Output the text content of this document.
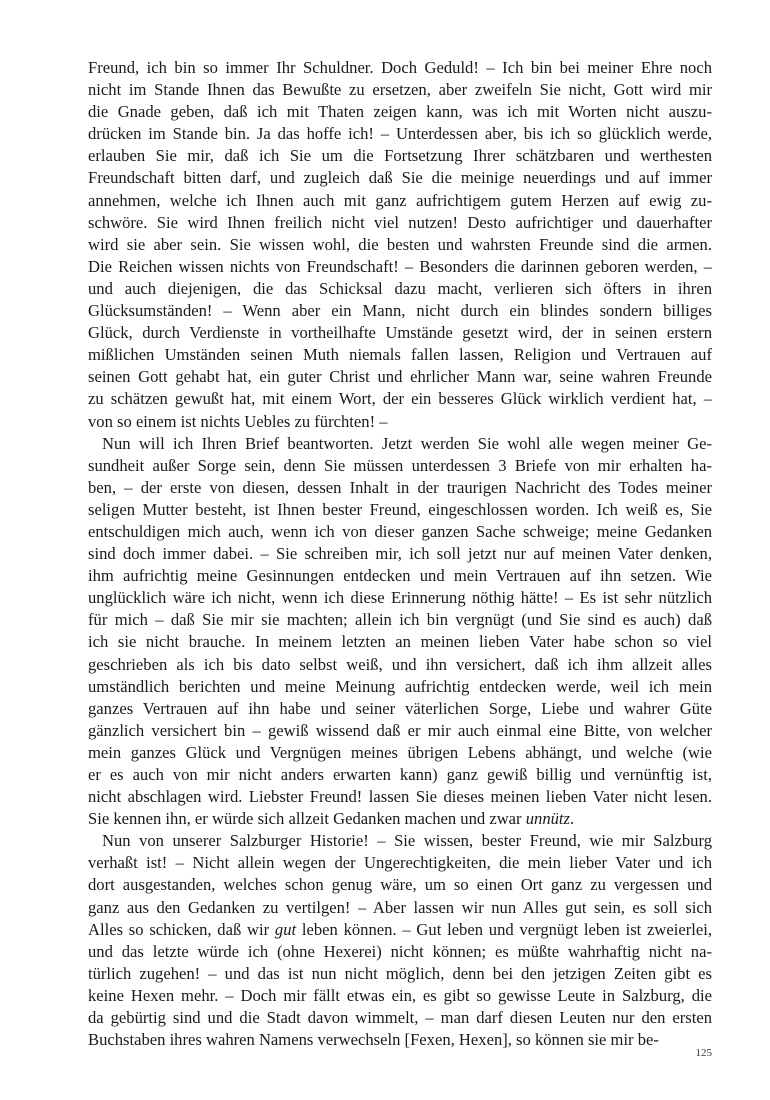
Freund, ich bin so immer Ihr Schuldner. Doch Geduld! – Ich bin bei meiner Ehre noch
nicht im Stande Ihnen das Bewußte zu ersetzen, aber zweifeln Sie nicht, Gott wird mir
die Gnade geben, daß ich mit Thaten zeigen kann, was ich mit Worten nicht auszu-
drücken im Stande bin. Ja das hoffe ich! – Unterdessen aber, bis ich so glücklich werde,
erlauben Sie mir, daß ich Sie um die Fortsetzung Ihrer schätzbaren und werthesten
Freundschaft bitten darf, und zugleich daß Sie die meinige neuerdings und auf immer
annehmen, welche ich Ihnen auch mit ganz aufrichtigem gutem Herzen auf ewig zu-
schwöre. Sie wird Ihnen freilich nicht viel nutzen! Desto aufrichtiger und dauerhafter
wird sie aber sein. Sie wissen wohl, die besten und wahrsten Freunde sind die armen.
Die Reichen wissen nichts von Freundschaft! – Besonders die darinnen geboren werden, –
und auch diejenigen, die das Schicksal dazu macht, verlieren sich öfters in ihren
Glücksumständen! – Wenn aber ein Mann, nicht durch ein blindes sondern billiges
Glück, durch Verdienste in vortheilhafte Umstände gesetzt wird, der in seinen erstern
mißlichen Umständen seinen Muth niemals fallen lassen, Religion und Vertrauen auf
seinen Gott gehabt hat, ein guter Christ und ehrlicher Mann war, seine wahren Freunde
zu schätzen gewußt hat, mit einem Wort, der ein besseres Glück wirklich verdient hat, –
von so einem ist nichts Uebles zu fürchten! –
Nun will ich Ihren Brief beantworten. Jetzt werden Sie wohl alle wegen meiner Ge-
sundheit außer Sorge sein, denn Sie müssen unterdessen 3 Briefe von mir erhalten ha-
ben, – der erste von diesen, dessen Inhalt in der traurigen Nachricht des Todes meiner
seligen Mutter besteht, ist Ihnen bester Freund, eingeschlossen worden. Ich weiß es, Sie
entschuldigen mich auch, wenn ich von dieser ganzen Sache schweige; meine Gedanken
sind doch immer dabei. – Sie schreiben mir, ich soll jetzt nur auf meinen Vater denken,
ihm aufrichtig meine Gesinnungen entdecken und mein Vertrauen auf ihn setzen. Wie
unglücklich wäre ich nicht, wenn ich diese Erinnerung nöthig hätte! – Es ist sehr nützlich
für mich – daß Sie mir sie machten; allein ich bin vergnügt (und Sie sind es auch) daß
ich sie nicht brauche. In meinem letzten an meinen lieben Vater habe schon so viel
geschrieben als ich bis dato selbst weiß, und ihn versichert, daß ich ihm allzeit alles
umständlich berichten und meine Meinung aufrichtig entdecken werde, weil ich mein
ganzes Vertrauen auf ihn habe und seiner väterlichen Sorge, Liebe und wahrer Güte
gänzlich versichert bin – gewiß wissend daß er mir auch einmal eine Bitte, von welcher
mein ganzes Glück und Vergnügen meines übrigen Lebens abhängt, und welche (wie
er es auch von mir nicht anders erwarten kann) ganz gewiß billig und vernünftig ist,
nicht abschlagen wird. Liebster Freund! lassen Sie dieses meinen lieben Vater nicht lesen.
Sie kennen ihn, er würde sich allzeit Gedanken machen und zwar unnütz.
Nun von unserer Salzburger Historie! – Sie wissen, bester Freund, wie mir Salzburg
verhaßt ist! – Nicht allein wegen der Ungerechtigkeiten, die mein lieber Vater und ich
dort ausgestanden, welches schon genug wäre, um so einen Ort ganz zu vergessen und
ganz aus den Gedanken zu vertilgen! – Aber lassen wir nun Alles gut sein, es soll sich
Alles so schicken, daß wir gut leben können. – Gut leben und vergnügt leben ist zweierlei,
und das letzte würde ich (ohne Hexerei) nicht können; es müßte wahrhaftig nicht na-
türlich zugehen! – und das ist nun nicht möglich, denn bei den jetzigen Zeiten gibt es
keine Hexen mehr. – Doch mir fällt etwas ein, es gibt so gewisse Leute in Salzburg, die
da gebürtig sind und die Stadt davon wimmelt, – man darf diesen Leuten nur den ersten
Buchstaben ihres wahren Namens verwechseln [Fexen, Hexen], so können sie mir be-
125
